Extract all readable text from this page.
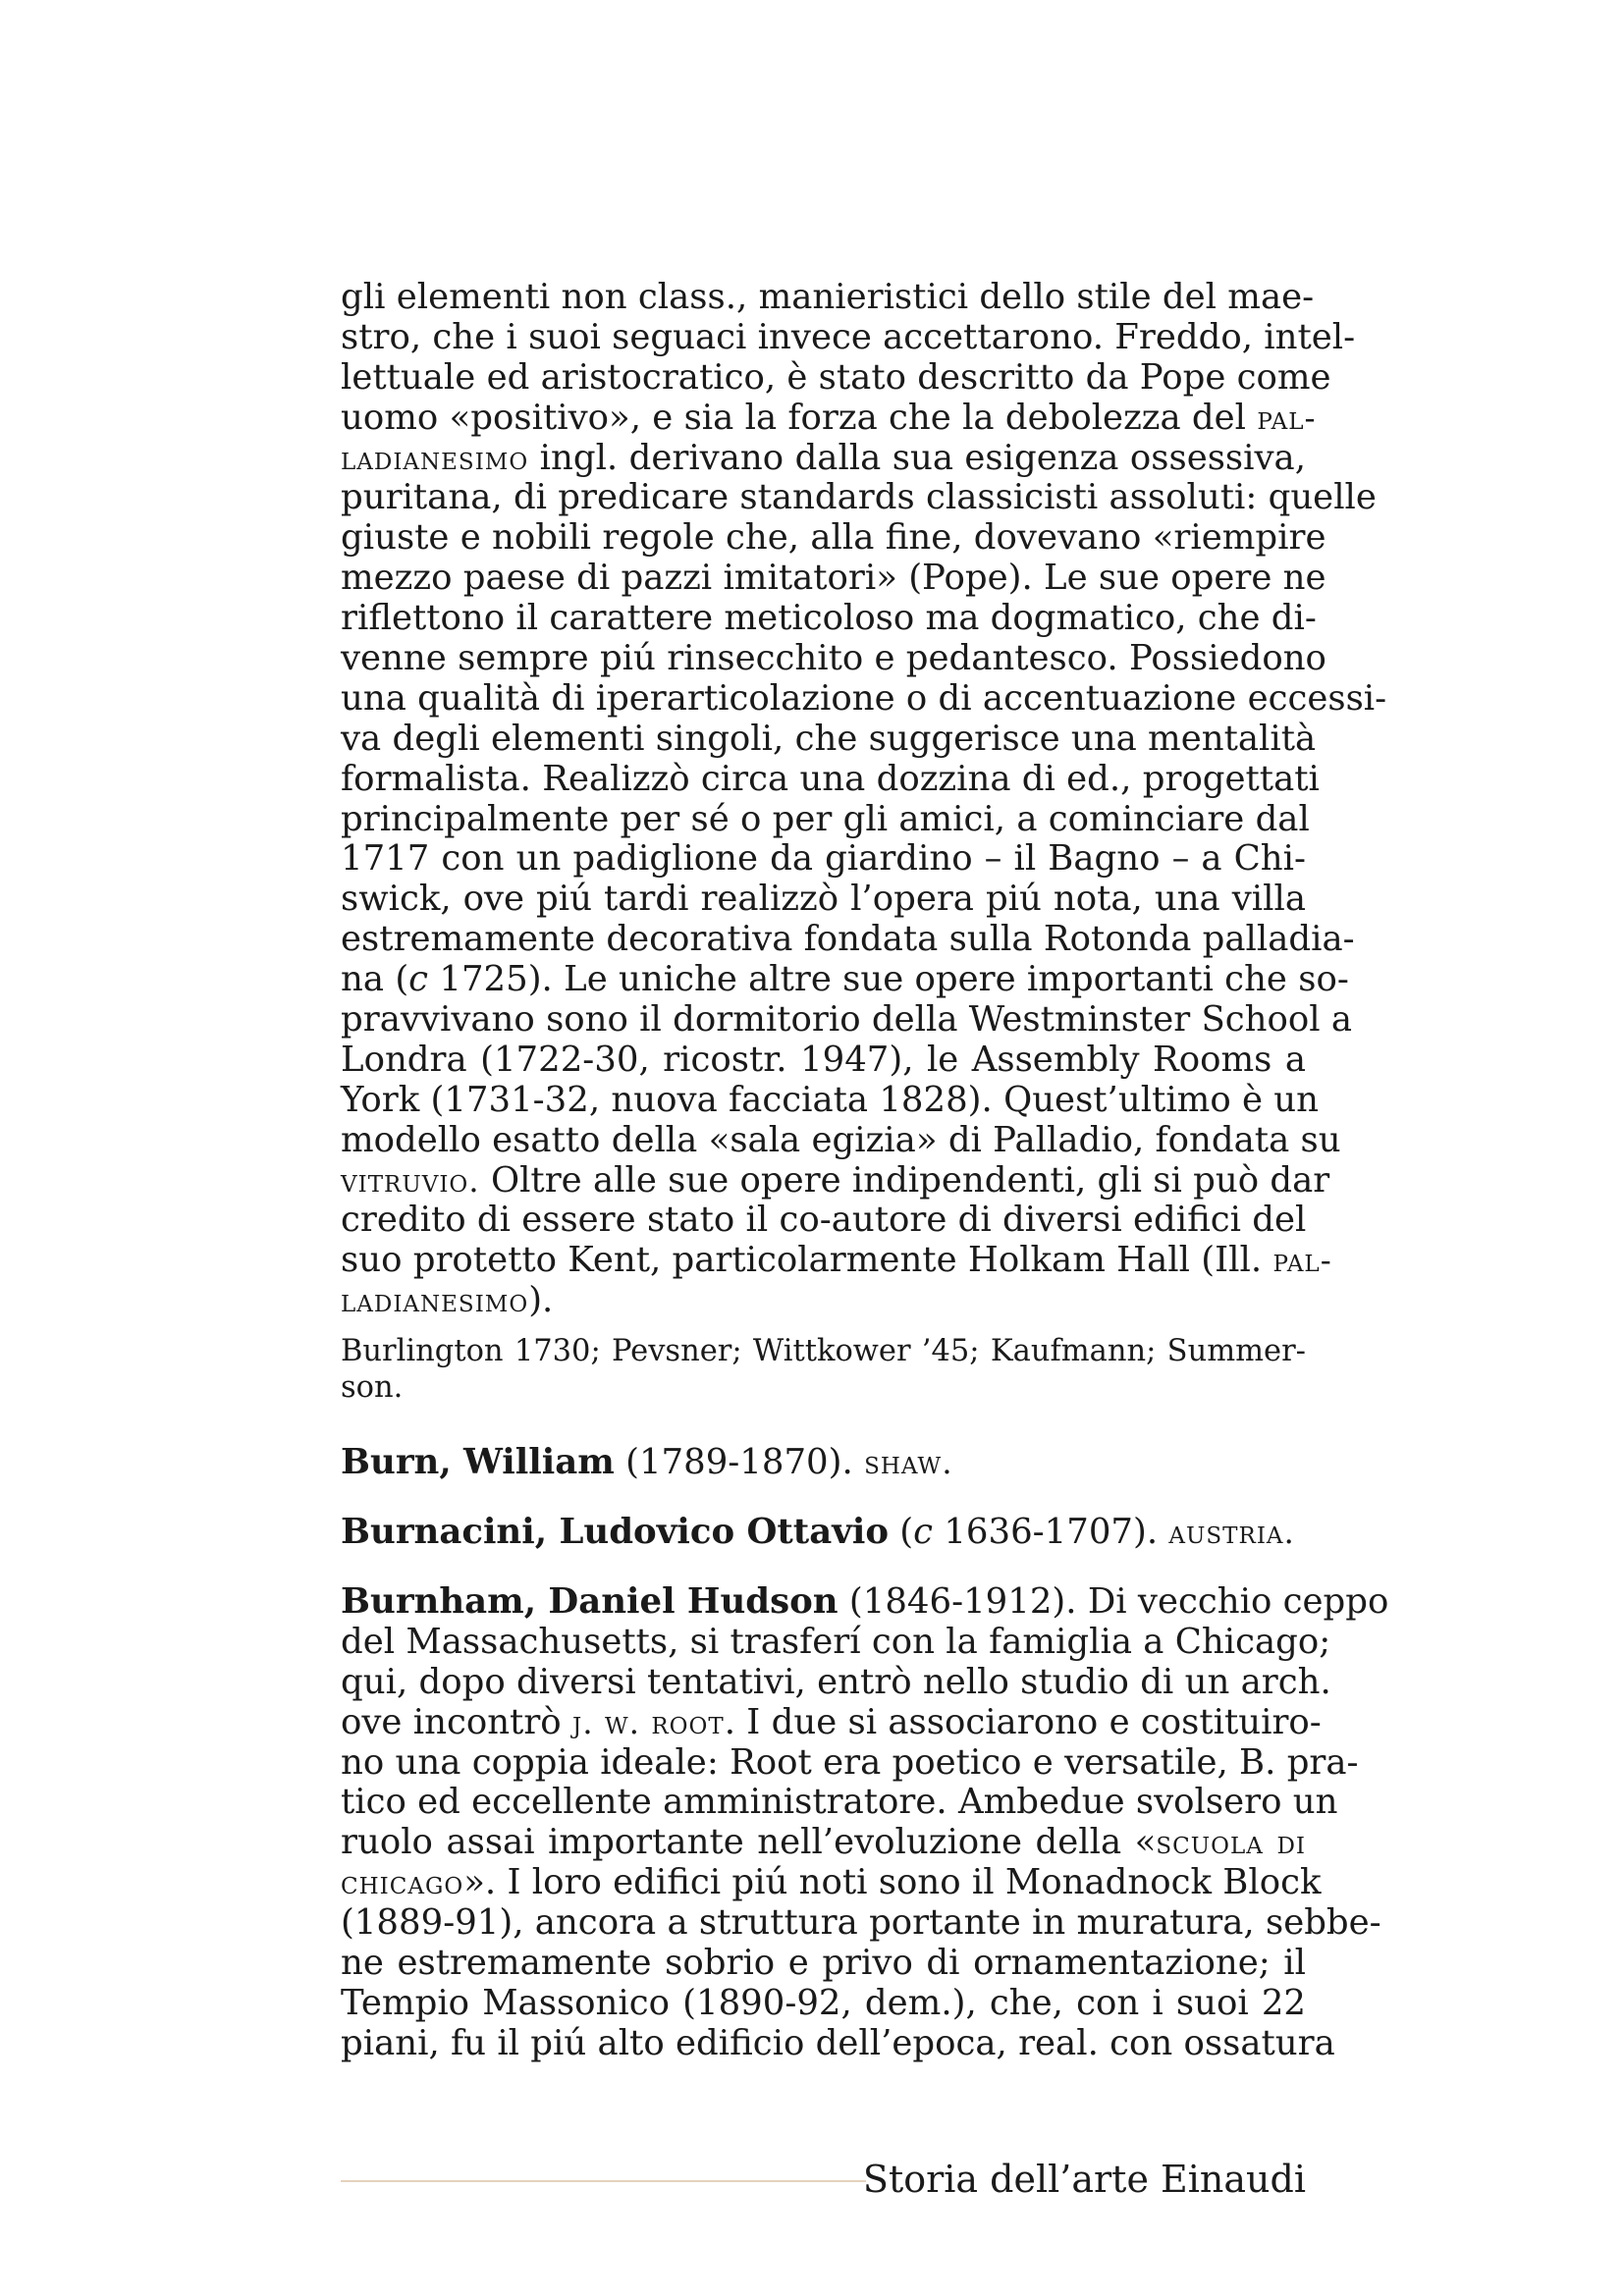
gli elementi non class., manieristici dello stile del mae-
stro, che i suoi seguaci invece accettarono. Freddo, intel-
lettuale ed aristocratico, è stato descritto da Pope come
uomo «positivo», e sia la forza che la debolezza del pal-
ladianesimo ingl. derivano dalla sua esigenza ossessiva,
puritana, di predicare standards classicisti assoluti: quelle
giuste e nobili regole che, alla fine, dovevano «riempire
mezzo paese di pazzi imitatori» (Pope). Le sue opere ne
riflettono il carattere meticoloso ma dogmatico, che di-
venne sempre piú rinsecchito e pedantesco. Possiedono
una qualità di iperarticolazione o di accentuazione eccessi-
va degli elementi singoli, che suggerisce una mentalità
formalista. Realizzò circa una dozzina di ed., progettati
principalmente per sé o per gli amici, a cominciare dal
1717 con un padiglione da giardino – il Bagno – a Chi-
swick, ove piú tardi realizzò l’opera piú nota, una villa
estremamente decorativa fondata sulla Rotonda palladia-
na (c 1725). Le uniche altre sue opere importanti che so-
pravvivano sono il dormitorio della Westminster School a
Londra (1722-30, ricostr. 1947), le Assembly Rooms a
York (1731-32, nuova facciata 1828). Quest’ultimo è un
modello esatto della «sala egizia» di Palladio, fondata su
vitruvio. Oltre alle sue opere indipendenti, gli si può dar
credito di essere stato il co-autore di diversi edifici del
suo protetto Kent, particolarmente Holkam Hall (Ill. pal-
ladianesimo).
Burlington 1730; Pevsner; Wittkower ’45; Kaufmann; Summer-
son.
Burn, William (1789-1870). shaw.
Burnacini, Ludovico Ottavio (c 1636-1707). austria.
Burnham, Daniel Hudson (1846-1912). Di vecchio ceppo
del Massachusetts, si trasferí con la famiglia a Chicago;
qui, dopo diversi tentativi, entrò nello studio di un arch.
ove incontrò j. w. root. I due si associarono e costituiro-
no una coppia ideale: Root era poetico e versatile, B. pra-
tico ed eccellente amministratore. Ambedue svolsero un
ruolo assai importante nell’evoluzione della «scuola di
chicago». I loro edifici piú noti sono il Monadnock Block
(1889-91), ancora a struttura portante in muratura, sebbe-
ne estremamente sobrio e privo di ornamentazione; il
Tempio Massonico (1890-92, dem.), che, con i suoi 22
piani, fu il piú alto edificio dell’epoca, real. con ossatura
Storia dell’arte Einaudi
